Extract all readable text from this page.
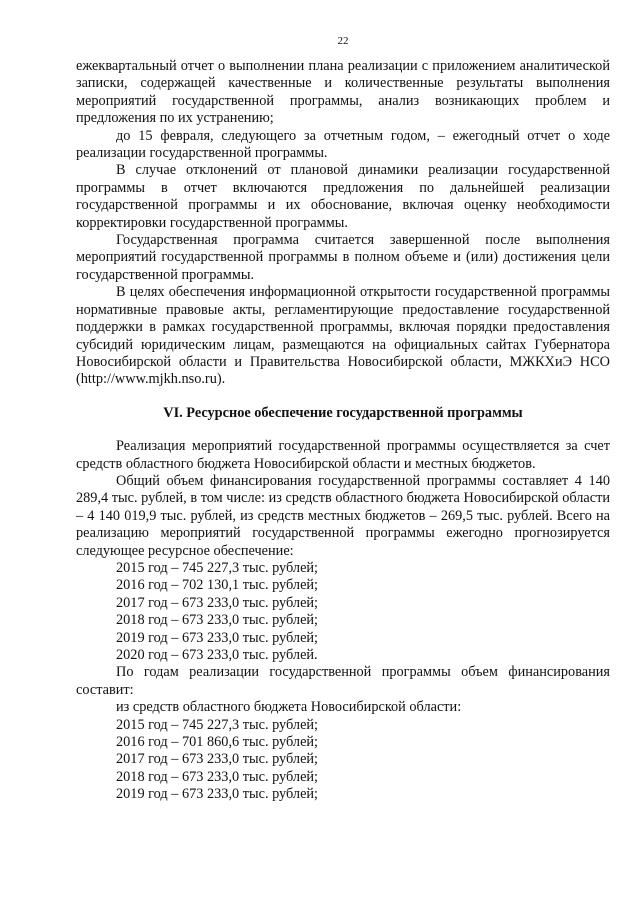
22

ежеквартальный отчет о выполнении плана реализации с приложением аналитической записки, содержащей качественные и количественные результаты выполнения мероприятий государственной программы, анализ возникающих проблем и предложения по их устранению;

до 15 февраля, следующего за отчетным годом, – ежегодный отчет о ходе реализации государственной программы.

В случае отклонений от плановой динамики реализации государственной программы в отчет включаются предложения по дальнейшей реализации государственной программы и их обоснование, включая оценку необходимости корректировки государственной программы.

Государственная программа считается завершенной после выполнения мероприятий государственной программы в полном объеме и (или) достижения цели государственной программы.

В целях обеспечения информационной открытости государственной программы нормативные правовые акты, регламентирующие предоставление государственной поддержки в рамках государственной программы, включая порядки предоставления субсидий юридическим лицам, размещаются на официальных сайтах Губернатора Новосибирской области и Правительства Новосибирской области, МЖКХиЭ НСО (http://www.mjkh.nso.ru).

VI. Ресурсное обеспечение государственной программы

Реализация мероприятий государственной программы осуществляется за счет средств областного бюджета Новосибирской области и местных бюджетов.

Общий объем финансирования государственной программы составляет 4 140 289,4 тыс. рублей, в том числе: из средств областного бюджета Новосибирской области – 4 140 019,9 тыс. рублей, из средств местных бюджетов – 269,5 тыс. рублей. Всего на реализацию мероприятий государственной программы ежегодно прогнозируется следующее ресурсное обеспечение:

2015 год – 745 227,3 тыс. рублей;

2016 год – 702 130,1 тыс. рублей;

2017 год – 673 233,0 тыс. рублей;

2018 год – 673 233,0 тыс. рублей;

2019 год – 673 233,0 тыс. рублей;

2020 год – 673 233,0 тыс. рублей.

По годам реализации государственной программы объем финансирования составит:

из средств областного бюджета Новосибирской области:

2015 год – 745 227,3 тыс. рублей;

2016 год – 701 860,6 тыс. рублей;

2017 год – 673 233,0 тыс. рублей;

2018 год – 673 233,0 тыс. рублей;

2019 год – 673 233,0 тыс. рублей;
